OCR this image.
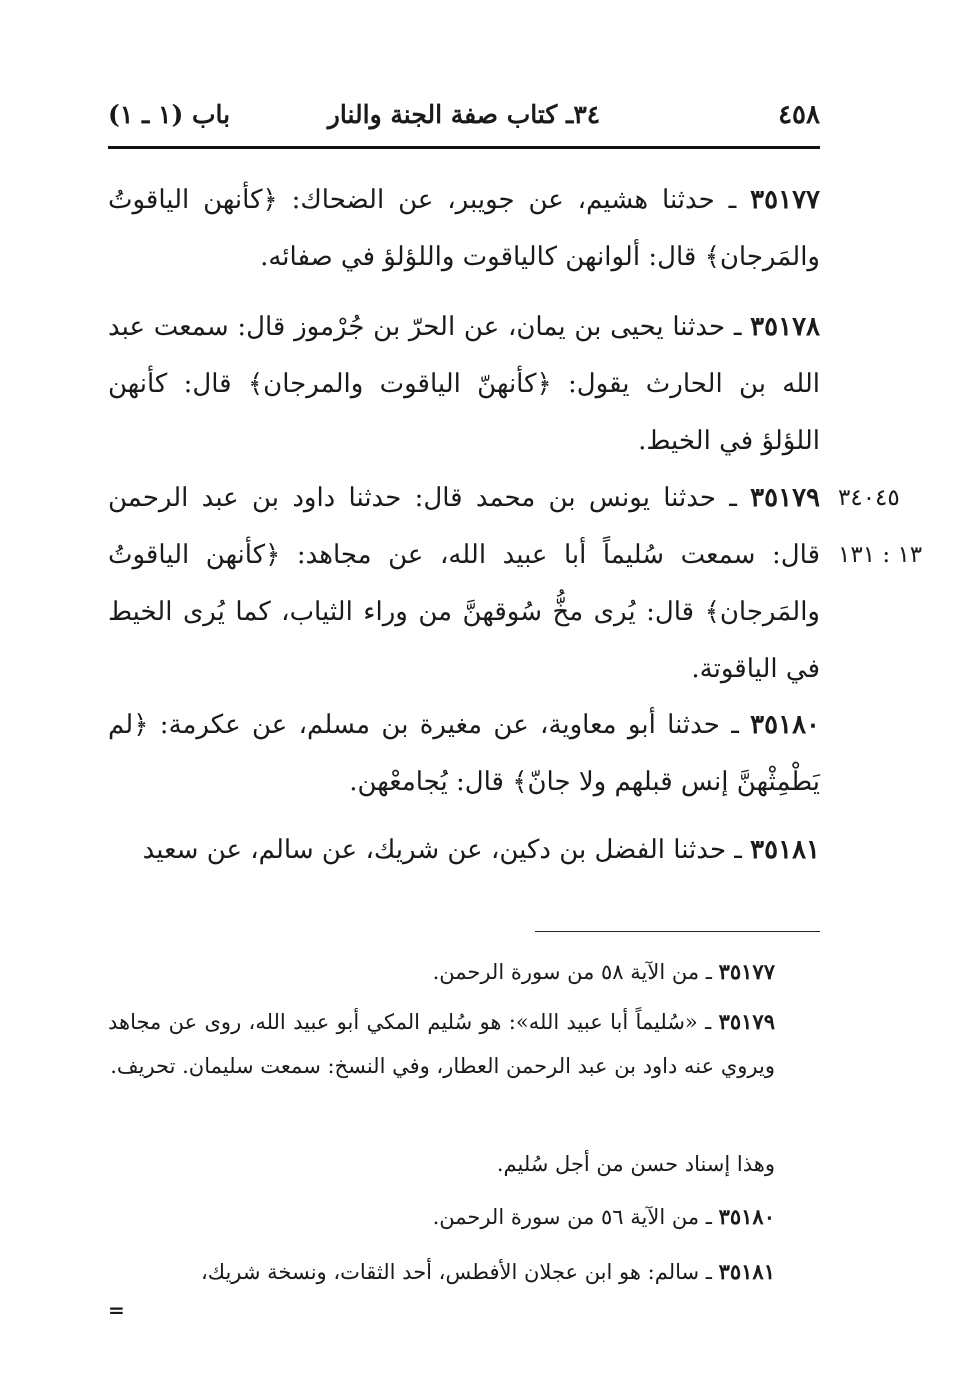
٤٥٨
٣٤ـ كتاب صفة الجنة والنار
باب (١ ـ ١)

٣٥١٧٧ ـ حدثنا هشيم، عن جويبر، عن الضحاك: ﴿كأنهن الياقوتُ والمَرجان﴾ قال: ألوانهن كالياقوت واللؤلؤ في صفائه.

٣٥١٧٨ ـ حدثنا يحيى بن يمان، عن الحرّ بن جُرْموز قال: سمعت عبد الله بن الحارث يقول: ﴿كأنهنّ الياقوت والمرجان﴾ قال: كأنهن اللؤلؤ في الخيط.

٣٥١٧٩ ـ حدثنا يونس بن محمد قال: حدثنا داود بن عبد الرحمن قال: سمعت سُليماً أبا عبيد الله، عن مجاهد: ﴿كأنهن الياقوتُ والمَرجان﴾ قال: يُرى مخُّ سُوقهنَّ من وراء الثياب، كما يُرى الخيط في الياقوتة.

٣٤٠٤٥
١٣ : ١٣١

٣٥١٨٠ ـ حدثنا أبو معاوية، عن مغيرة بن مسلم، عن عكرمة: ﴿لم يَطْمِثْهنَّ إنس قبلهم ولا جانّ﴾ قال: يُجامعْهن.

٣٥١٨١ ـ حدثنا الفضل بن دكين، عن شريك، عن سالم، عن سعيد

٣٥١٧٧ ـ من الآية ٥٨ من سورة الرحمن.

٣٥١٧٩ ـ «سُليماً أبا عبيد الله»: هو سُليم المكي أبو عبيد الله، روى عن مجاهد ويروي عنه داود بن عبد الرحمن العطار، وفي النسخ: سمعت سليمان. تحريف.

وهذا إسناد حسن من أجل سُليم.

٣٥١٨٠ ـ من الآية ٥٦ من سورة الرحمن.

٣٥١٨١ ـ سالم: هو ابن عجلان الأفطس، أحد الثقات، ونسخة شريك،

=
